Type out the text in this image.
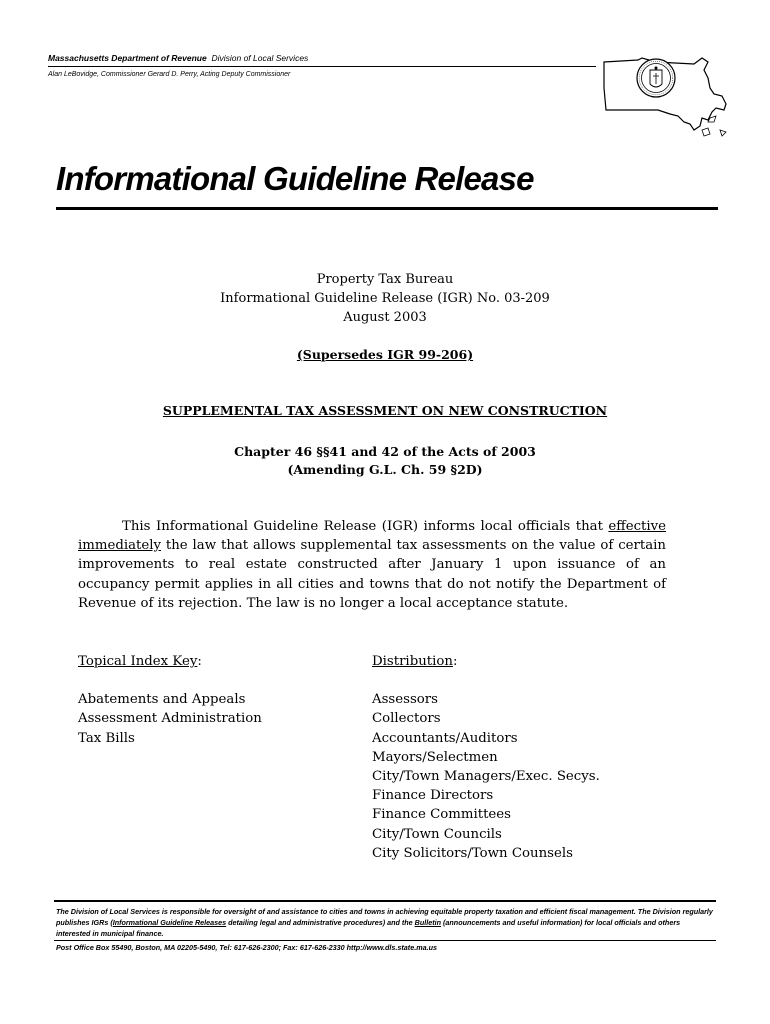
Massachusetts Department of Revenue Division of Local Services
Alan LeBovidge, Commissioner Gerard D. Perry, Acting Deputy Commissioner
Informational Guideline Release
Property Tax Bureau
Informational Guideline Release (IGR) No. 03-209
August 2003
(Supersedes IGR 99-206)
SUPPLEMENTAL TAX ASSESSMENT ON NEW CONSTRUCTION
Chapter 46 §§41 and 42 of the Acts of 2003
(Amending G.L. Ch. 59 §2D)
This Informational Guideline Release (IGR) informs local officials that effective immediately the law that allows supplemental tax assessments on the value of certain improvements to real estate constructed after January 1 upon issuance of an occupancy permit applies in all cities and towns that do not notify the Department of Revenue of its rejection. The law is no longer a local acceptance statute.
Topical Index Key:
Abatements and Appeals
Assessment Administration
Tax Bills
Distribution:
Assessors
Collectors
Accountants/Auditors
Mayors/Selectmen
City/Town Managers/Exec. Secys.
Finance Directors
Finance Committees
City/Town Councils
City Solicitors/Town Counsels
The Division of Local Services is responsible for oversight of and assistance to cities and towns in achieving equitable property taxation and efficient fiscal management. The Division regularly publishes IGRs (Informational Guideline Releases detailing legal and administrative procedures) and the Bulletin (announcements and useful information) for local officials and others interested in municipal finance.
Post Office Box 55490, Boston, MA 02205-5490, Tel: 617-626-2300; Fax: 617-626-2330 http://www.dls.state.ma.us
